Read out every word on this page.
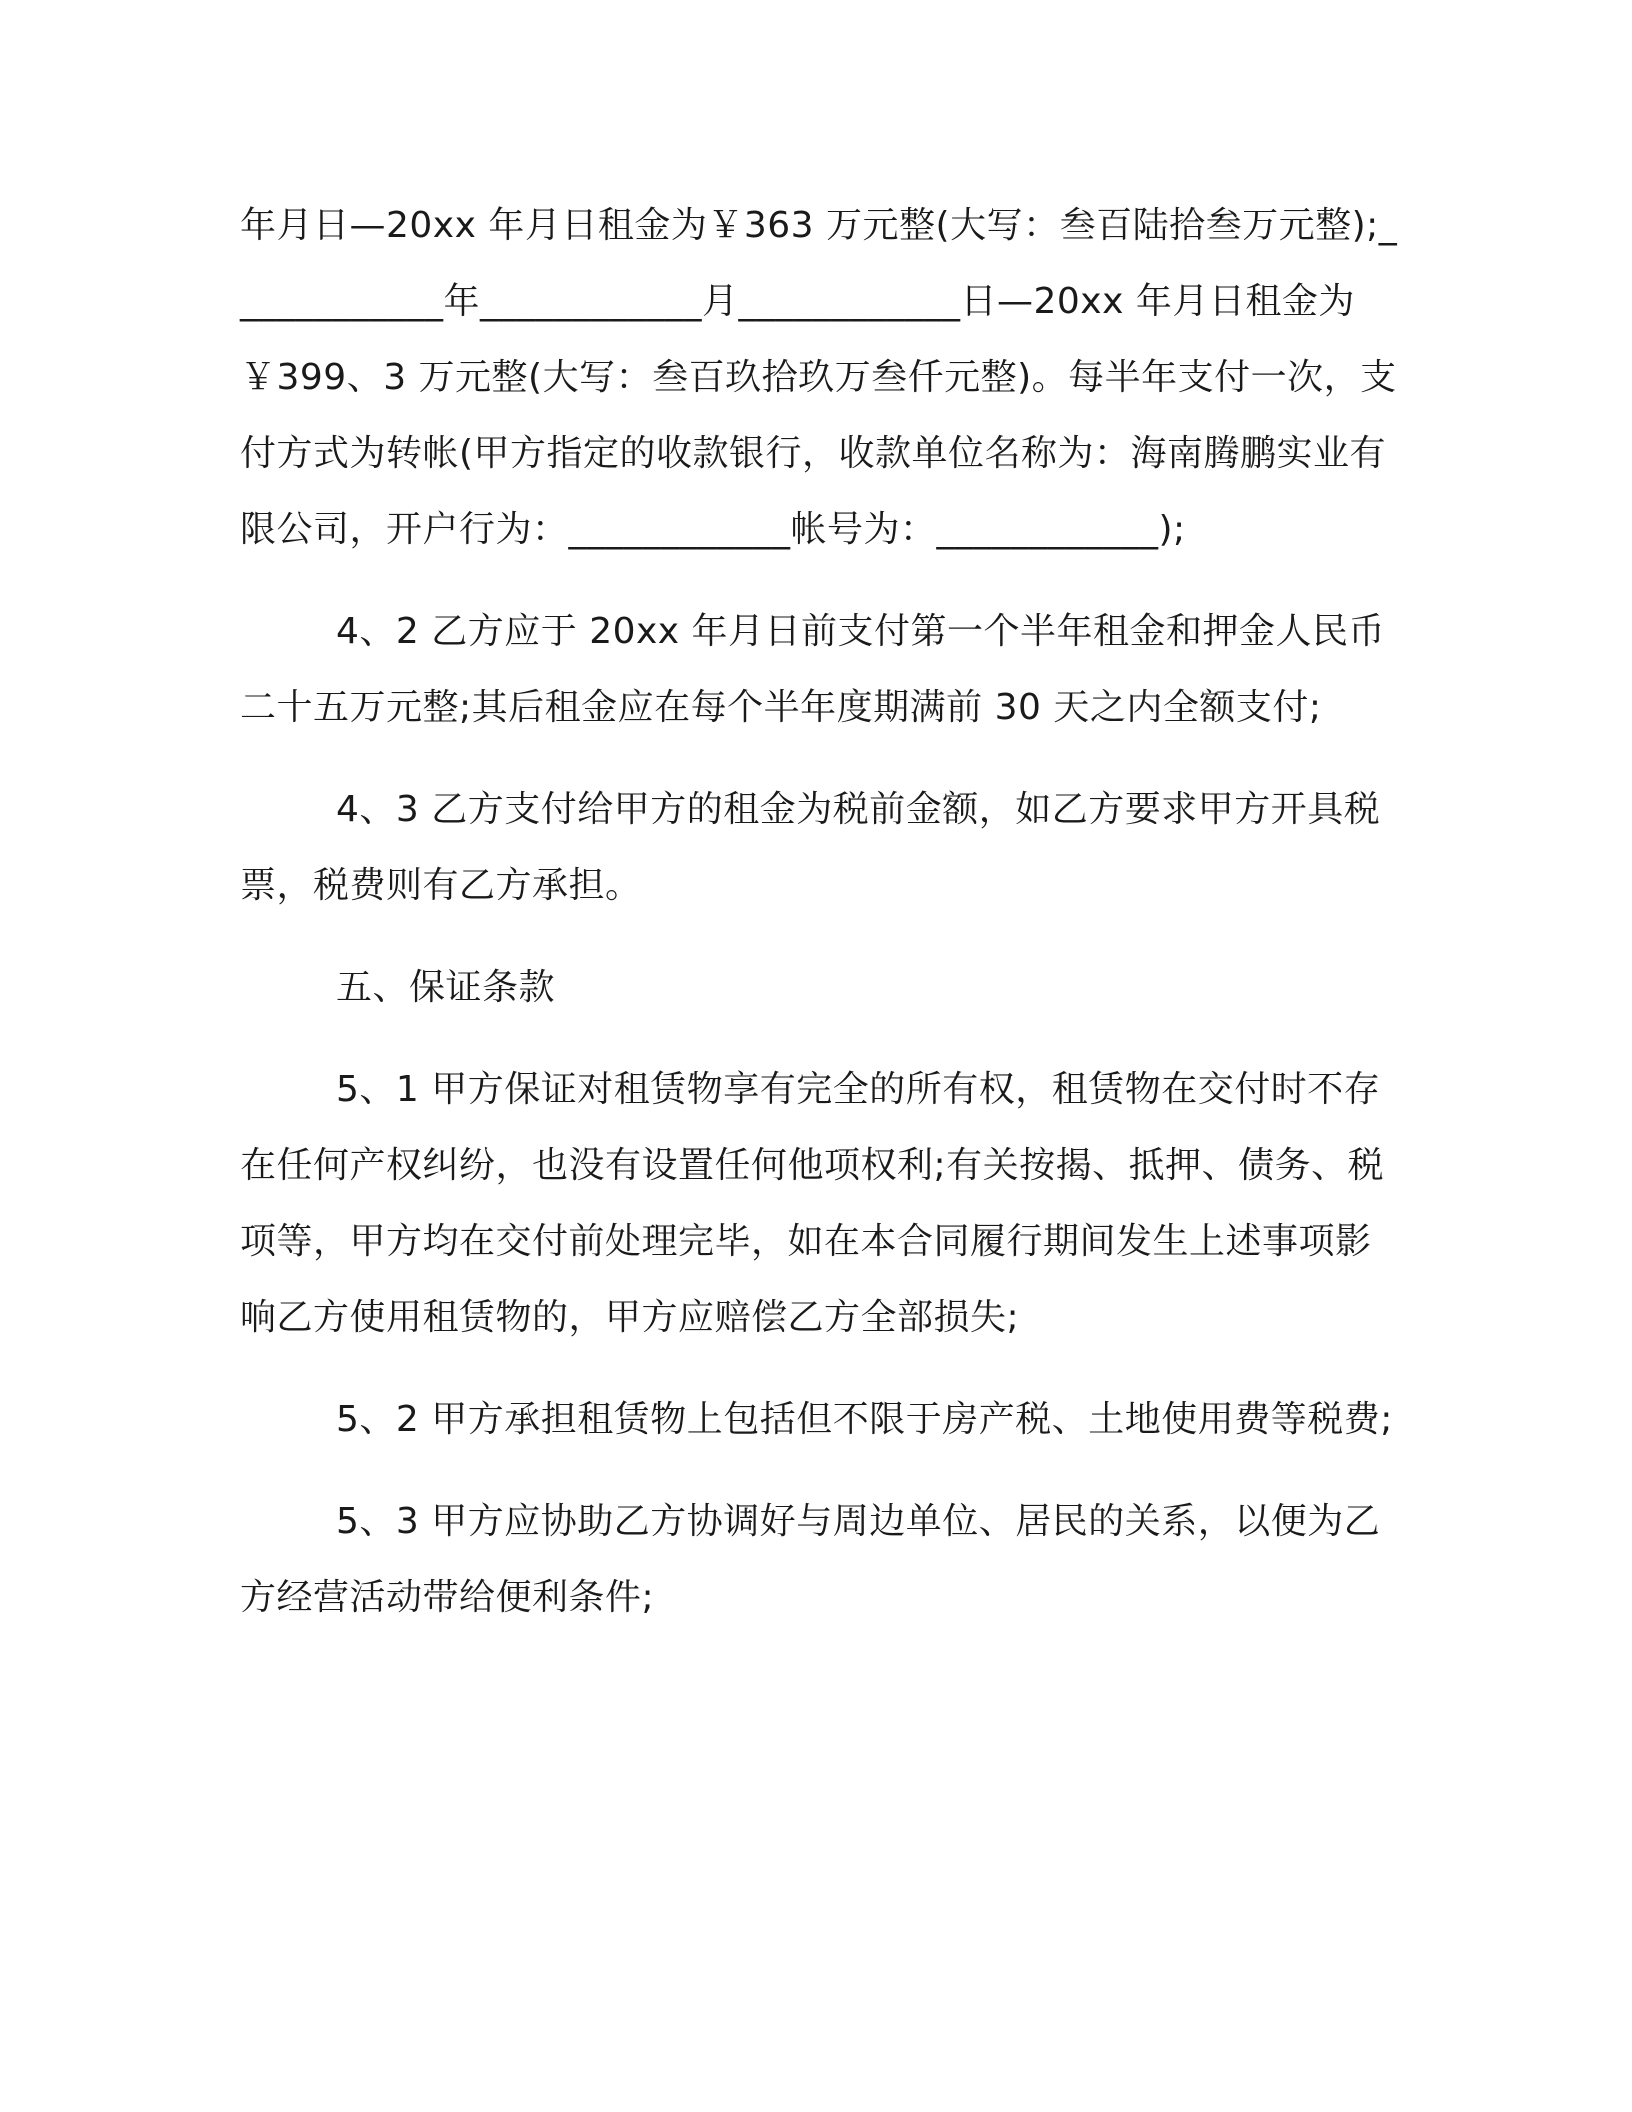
年月日—20xx 年月日租金为￥363 万元整(大写：叁百陆拾叁万元整);____________年____________月____________日—20xx 年月日租金为￥399、3 万元整(大写：叁百玖拾玖万叁仟元整)。每半年支付一次，支付方式为转帐(甲方指定的收款银行，收款单位名称为：海南腾鹏实业有限公司，开户行为：____________帐号为：____________);

4、2 乙方应于 20xx 年月日前支付第一个半年租金和押金人民币二十五万元整;其后租金应在每个半年度期满前 30 天之内全额支付;

4、3 乙方支付给甲方的租金为税前金额，如乙方要求甲方开具税票，税费则有乙方承担。

五、保证条款

5、1 甲方保证对租赁物享有完全的所有权，租赁物在交付时不存在任何产权纠纷，也没有设置任何他项权利;有关按揭、抵押、债务、税项等，甲方均在交付前处理完毕，如在本合同履行期间发生上述事项影响乙方使用租赁物的，甲方应赔偿乙方全部损失;

5、2 甲方承担租赁物上包括但不限于房产税、土地使用费等税费;

5、3 甲方应协助乙方协调好与周边单位、居民的关系，以便为乙方经营活动带给便利条件;
